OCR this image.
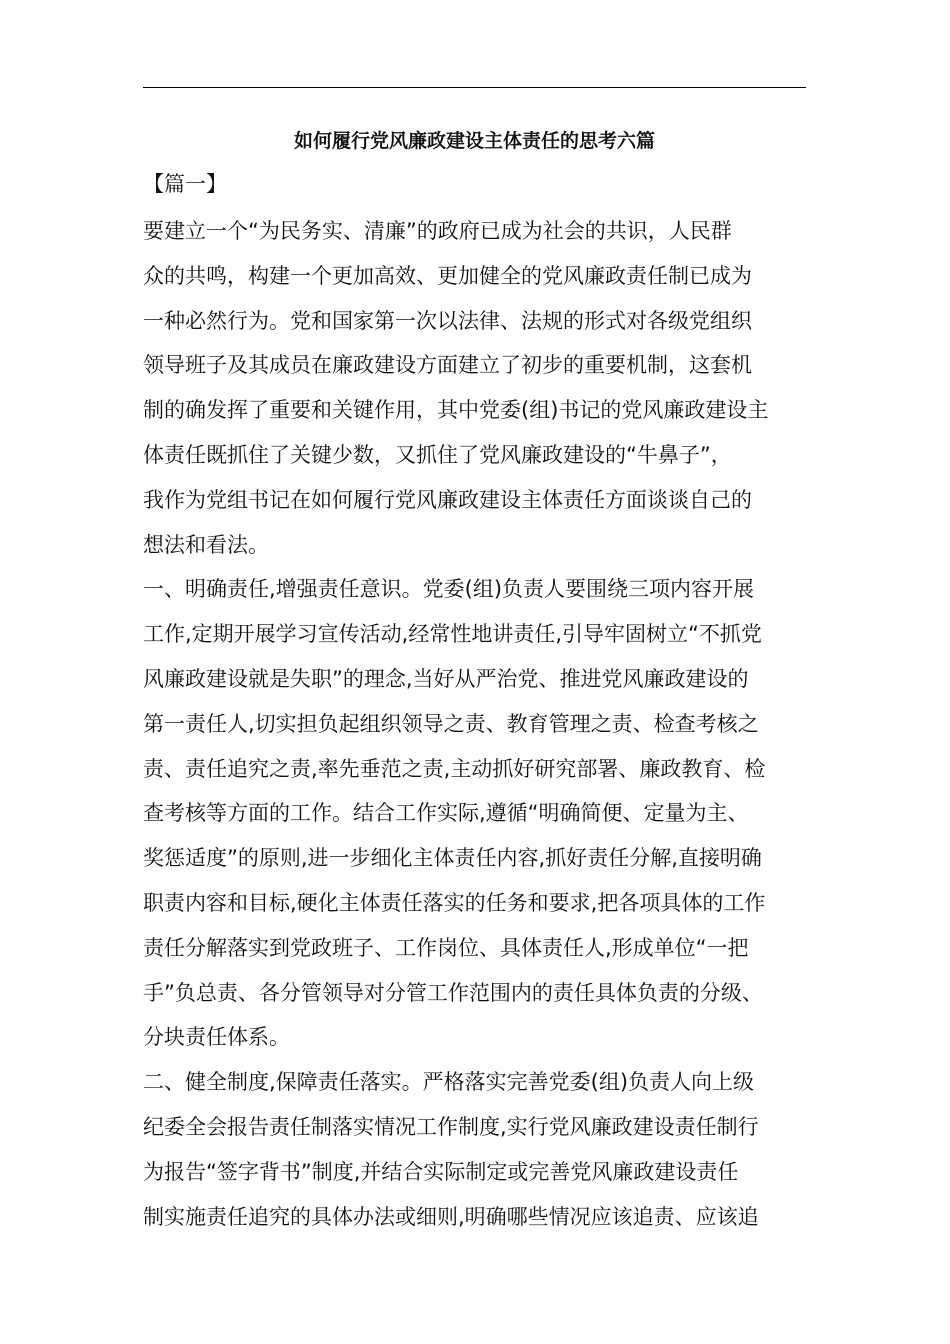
如何履行党风廉政建设主体责任的思考六篇
【篇一】
要建立一个“为民务实、清廉”的政府已成为社会的共识，人民群
众的共鸣，构建一个更加高效、更加健全的党风廉政责任制已成为
一种必然行为。党和国家第一次以法律、法规的形式对各级党组织
领导班子及其成员在廉政建设方面建立了初步的重要机制，这套机
制的确发挥了重要和关键作用，其中党委(组)书记的党风廉政建设主
体责任既抓住了关键少数，又抓住了党风廉政建设的“牛鼻子”，
我作为党组书记在如何履行党风廉政建设主体责任方面谈谈自己的
想法和看法。
一、明确责任,增强责任意识。党委(组)负责人要围绕三项内容开展
工作,定期开展学习宣传活动,经常性地讲责任,引导牢固树立“不抓党
风廉政建设就是失职”的理念,当好从严治党、推进党风廉政建设的
第一责任人,切实担负起组织领导之责、教育管理之责、检查考核之
责、责任追究之责,率先垂范之责,主动抓好研究部署、廉政教育、检
查考核等方面的工作。结合工作实际,遵循“明确简便、定量为主、
奖惩适度”的原则,进一步细化主体责任内容,抓好责任分解,直接明确
职责内容和目标,硬化主体责任落实的任务和要求,把各项具体的工作
责任分解落实到党政班子、工作岗位、具体责任人,形成单位“一把
手”负总责、各分管领导对分管工作范围内的责任具体负责的分级、
分块责任体系。
二、健全制度,保障责任落实。严格落实完善党委(组)负责人向上级
纪委全会报告责任制落实情况工作制度,实行党风廉政建设责任制行
为报告“签字背书”制度,并结合实际制定或完善党风廉政建设责任
制实施责任追究的具体办法或细则,明确哪些情况应该追责、应该追
